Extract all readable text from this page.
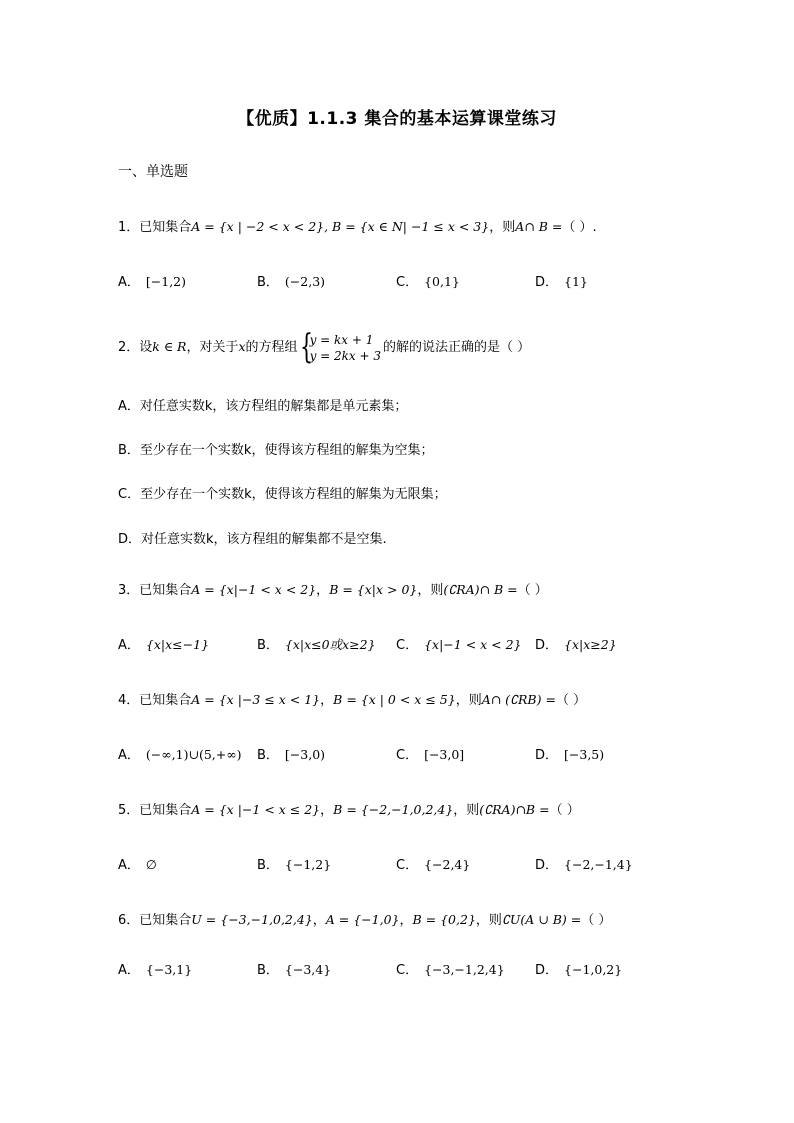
【优质】1.1.3 集合的基本运算课堂练习
一、单选题
1．已知集合A = {x | −2 < x < 2}, B = {x ∈ N| −1 ≤ x < 3}，则A∩ B =（ ）.
A． [−1,2)	B． (−2,3)	C． {0,1}	D． {1}
2．设k ∈ R，对关于x的方程组 {
y = kx + 1
y = 2kx + 3
的解的说法正确的是（ ）
A．对任意实数k，该方程组的解集都是单元素集；
B．至少存在一个实数k，使得该方程组的解集为空集；
C．至少存在一个实数k，使得该方程组的解集为无限集；
D．对任意实数k，该方程组的解集都不是空集.
3．已知集合A = {x|−1 < x < 2}，B = {x|x > 0}，则(∁RA)∩ B =（ ）
A． {x|x≤−1}	B． {x|x≤0或x≥2} C． {x|−1 < x < 2} D． {x|x≥2}
4．已知集合A = {x |−3 ≤ x < 1}，B = {x | 0 < x ≤ 5}，则A∩ (∁RB) =（ ）
A． (−∞,1)∪(5,+∞) B． [−3,0)	C． [−3,0]	D． [−3,5)
5．已知集合A = {x |−1 < x ≤ 2}，B = {−2,−1,0,2,4}，则(∁RA)∩B =（ ）
A． ∅	B． {−1,2}	C． {−2,4}	D． {−2,−1,4}
6．已知集合U = {−3,−1,0,2,4}，A = {−1,0}，B = {0,2}，则∁U(A ∪ B) =（ ）
A． {−3,1}	B． {−3,4}	C． {−3,−1,2,4} D． {−1,0,2}
